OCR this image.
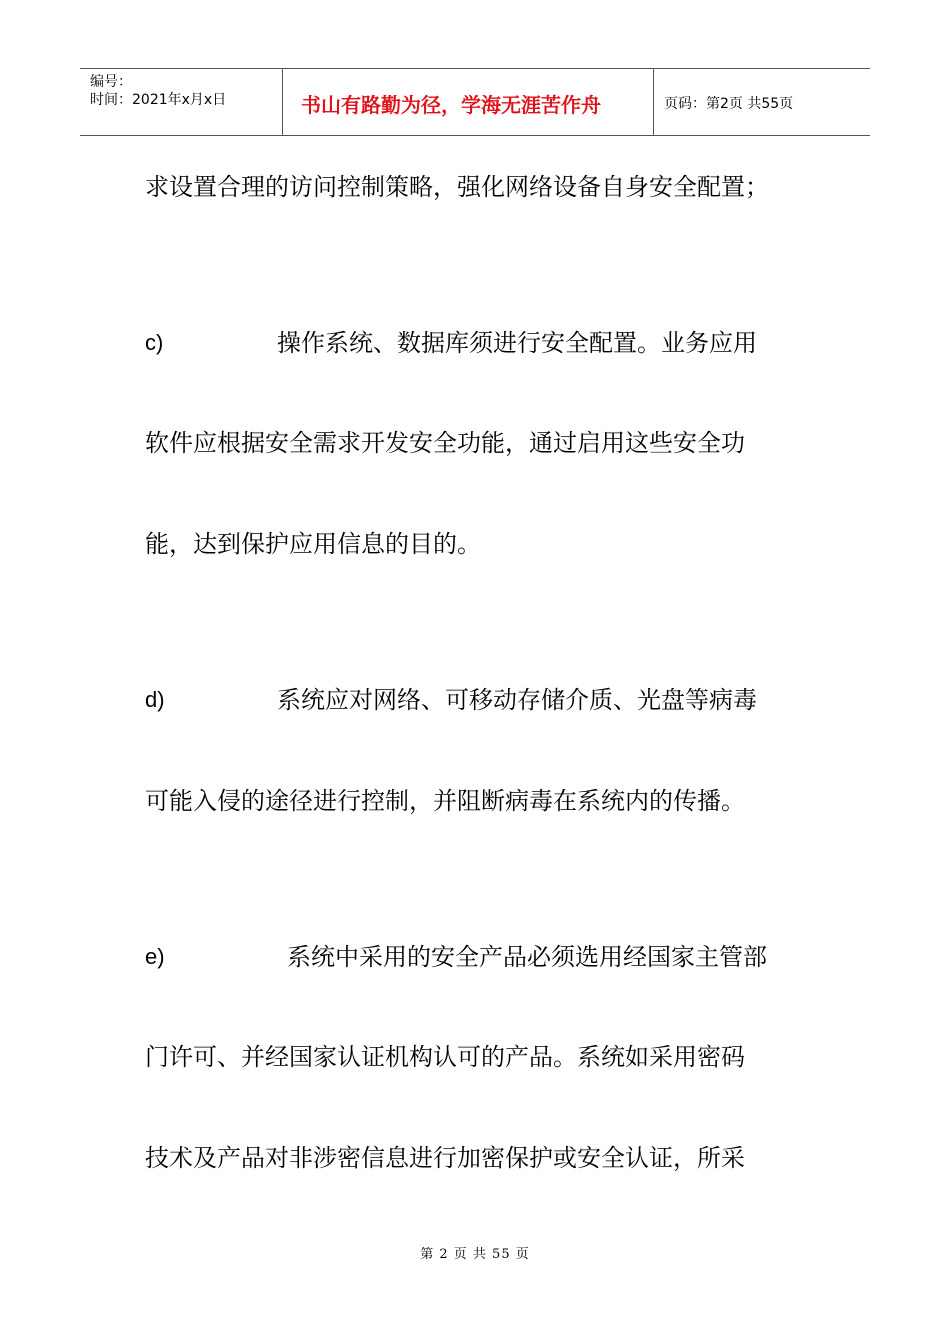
编号：
时间：2021年x月x日	书山有路勤为径，学海无涯苦作舟	页码：第2页 共55页
求设置合理的访问控制策略，强化网络设备自身安全配置；
c)	操作系统、数据库须进行安全配置。业务应用
软件应根据安全需求开发安全功能，通过启用这些安全功
能，达到保护应用信息的目的。
d)	系统应对网络、可移动存储介质、光盘等病毒
可能入侵的途径进行控制，并阻断病毒在系统内的传播。
e)	系统中采用的安全产品必须选用经国家主管部
门许可、并经国家认证机构认可的产品。系统如采用密码
技术及产品对非涉密信息进行加密保护或安全认证，所采
第 2 页 共 55 页
